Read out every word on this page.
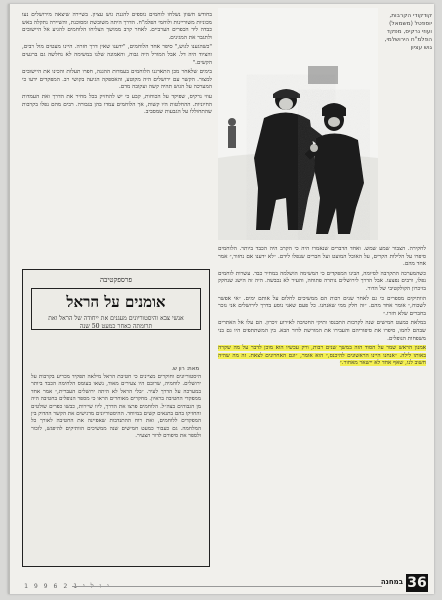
בחודש חשוון נשלחו לוחמים נוספים להגנת גוש עציון. בשיירה שיצאה מירושלים נעו מכוניות משוריינות ולוחמי הפלמ"ח. הדרך היתה משובשת ומסוכנת, והשיירה נתקלה באש כבדה ליד הכפרים הערביים. לאחר קרב ממושך הצליחו הלוחמים להגיע אל היישובים ולתגבר את המגינים.

"כשהגענו לגוש," סיפר אחד הלוחמים, "ידענו שאין דרך חזרה. היינו מעטים מול רבים, והציוד היה דל. אבל המורל היה גבוה, והאמונה שלנו במשימה לא נחלשה גם ברגעים הקשים."

בימים שלאחר מכן התארגנו הלוחמים בעמדות ההגנה, חפרו תעלות והכינו את היישובים למצור. הקשר עם ירושלים היה מקוטע, והאספקה הגיעה בקושי רב. המפקדים ידעו כי המערכה על הגוש תהיה קשה ועקובה מדם.

עוזי נרקיס, שפיקד על הכוחות, קבע כי יש להחזיק בכל מחיר את הדרך ואת העמדות החיוניות. ההחלטות היו קשות, אך הלוחמים עמדו בהן בגבורה. רבים מהם נפלו בקרבות שהתחוללו על הגבעות שמסביב.

קודקודי הקרבות,
יוספטל (משמאל)
ועוזי נרקיס, מפקד
הפלמ"ח הירושלמי,
גוש עציון
פרספקטיבה
אומנים על הראל
אנשי צבא והיסטוריונים מעגנים את ייחודה של הראל ואת תרומתה כאחר כמעט 50 שנה
מאת: רון ש.
היסטוריונים וחוקרים מציינים כי חטיבת הראל מילאה תפקיד מכריע בקרבות על ירושלים. לוחמיה, שרובם היו צעירים מאוד, נשאו בעומס הלחימה הכבד ביותר במערכה על הדרך לעיר. ״בלי הראל לא היתה ירושלים העברית,״ אמר אחד ממפקדי החטיבה בראיון. מחקרים מאוחרים הראו כי מספר הנופלים בחטיבה היה מן הגבוהים בצה״ל. הלוחמים פרצו את הדרך, ליוו שיירות, כבשו כפרים שולטים והחזיקו בהם בתנאים קשים במיוחד. ההיסטוריונים מדגישים את הקשר ההדוק בין המפקדים ללוחמים, ואת רוח ההתנדבות שאפיינה את החטיבה לאורך כל המלחמה. גם כעבור כמעט חמישים שנה ממשיכים הוותיקים להיפגש, לזכור ולספר את סיפורם לדור הצעיר.

לחקירה. הצבור שמע שמש. ואחד הדברים שנאמרו היה כי הקרב היה הכבד ביותר. הלוחמים סיפרו על הלילות הקרים, על האוכל המועט ועל חברים שנפלו לידם. ״לא ידענו אם נחזור,״ אמר אחד מהם.

כשהמערכה התקרבה לסיומה, הבינו המפקדים כי המשימה הושלמה במחיר כבד. עשרות לוחמים נפלו, ורבים נפצעו. אבל הדרך לירושלים נותרה פתוחה, והעיר לא נכבשה. היה זה הישג שנחקק בזיכרון הקולקטיבי של הדור.

הוותיקים מספרים כי גם לאחר שנים רבות הם ממשיכים לחלום על אותם ימים. ״אי אפשר לשכוח,״ אומר אחד מהם. ״זה חלק ממי שאנחנו. כל פעם שאני נוסע בדרך לירושלים אני נזכר בחברים שלא חזרו.״

במלאת כמעט חמישים שנה לקרבות התכנסו ותיקי החטיבה לאירוע זיכרון. הם עלו אל האתרים שבהם לחמו, סיפרו את סיפוריהם והעבירו את המורשת לדור הבא. בין המשתתפים היו גם בני משפחות הנופלים.

אמנון הראש שמר על הסוד הזה במשך שנים רבות, ורק עכשיו הוא מוכן לדבר על מה שקרה באותו לילה. ״אנחנו היינו הראשונים להיכנס,״ הוא אומר, ״וגם האחרונים לצאת. זה מה שהיה חשוב לנו, שאף אחד לא יישאר מאחור.״

1 9 9 6 י ו ל י 1 2	במחנה 36
